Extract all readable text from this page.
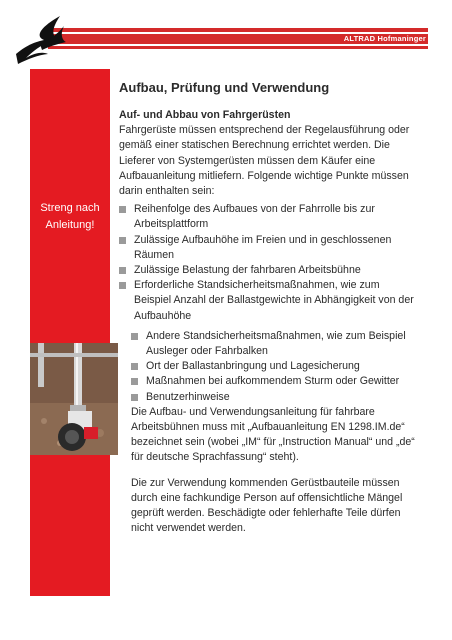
ALTRAD Hofmaninger
Streng nach Anleitung!
Aufbau, Prüfung und Verwendung

Auf- und Abbau von Fahrgerüsten

Fahrgerüste müssen entsprechend der Regelausführung oder gemäß einer statischen Berechnung errichtet werden. Die Lieferer von Systemgerüsten müssen dem Käufer eine Aufbauanleitung mitliefern. Folgende wichtige Punkte müssen darin enthalten sein:

Reihenfolge des Aufbaues von der Fahrrolle bis zur Arbeitsplattform
Zulässige Aufbauhöhe im Freien und in geschlossenen Räumen
Zulässige Belastung der fahrbaren Arbeitsbühne
Erforderliche Standsicherheitsmaßnahmen, wie zum Beispiel Anzahl der Ballastgewichte in Abhängigkeit von der Aufbauhöhe
Andere Standsicherheitsmaßnahmen, wie zum Beispiel Ausleger oder Fahrbalken
Ort der Ballastanbringung und Lagesicherung
Maßnahmen bei aufkommendem Sturm oder Gewitter
Benutzerhinweise

Die Aufbau- und Verwendungsanleitung für fahrbare Arbeitsbühnen muss mit „Aufbauanleitung EN 1298.IM.de“ bezeichnet sein (wobei „IM“ für „Instruction Manual“ und „de“ für deutsche Sprachfassung“ steht).

Die zur Verwendung kommenden Gerüstbauteile müssen durch eine fachkundige Person auf offensichtliche Mängel geprüft werden. Beschädigte oder fehlerhafte Teile dürfen nicht verwendet werden.
